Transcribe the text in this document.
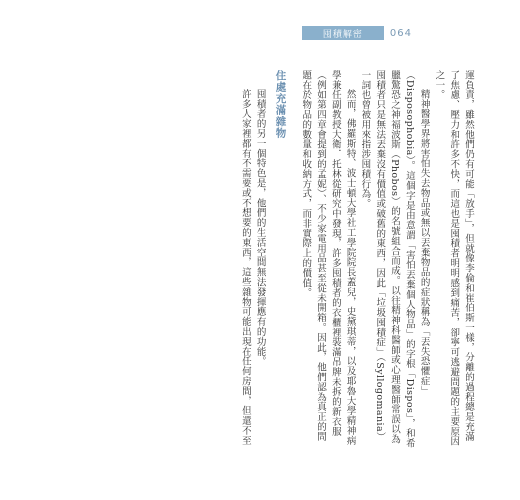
囤積解密	064

運負責，雖然他們仍有可能「放手」，但就像李倫和崔伯斯一樣，分離的過程總是充滿了焦慮、壓力和許多不快，而這也是囤積者明明感到痛苦，卻寧可逃避問題的主要原因之一。

精神醫學界將害怕失去物品或無以丟棄物品的症狀稱為「丟失恐懼症」（Disposophobia）。這個字是由意謂「害怕丟棄個人物品」的字根「Dispos」，和希臘驚恐之神福波斯（Phobos）的名號組合而成。以往精神科醫師或心理醫師常誤以為囤積者只是無法丟棄沒有價值或破舊的東西，因此「垃圾囤積症」（Syllogomania）一詞也曾被用來指涉囤積行為。

然而，佛羅斯特、波士頓大學社工學院院長蓋兒，史黛琪蒂，以及耶魯大學精神病學兼任副教授大衛．托林從研究中發現，許多囤積者的衣櫃裡裝滿吊牌未拆的新衣服（例如第四章會提到的孟妮）、不少家電用品甚至從未開箱。因此，他們認為真正的問題在於物品的數量和收納方式，而非實際上的價值。

住處充滿雜物

囤積者的另一個特色是，他們的生活空間無法發揮應有的功能。

許多人家裡都有不需要或不想要的東西，這些雜物可能出現在任何房間，但還不至
